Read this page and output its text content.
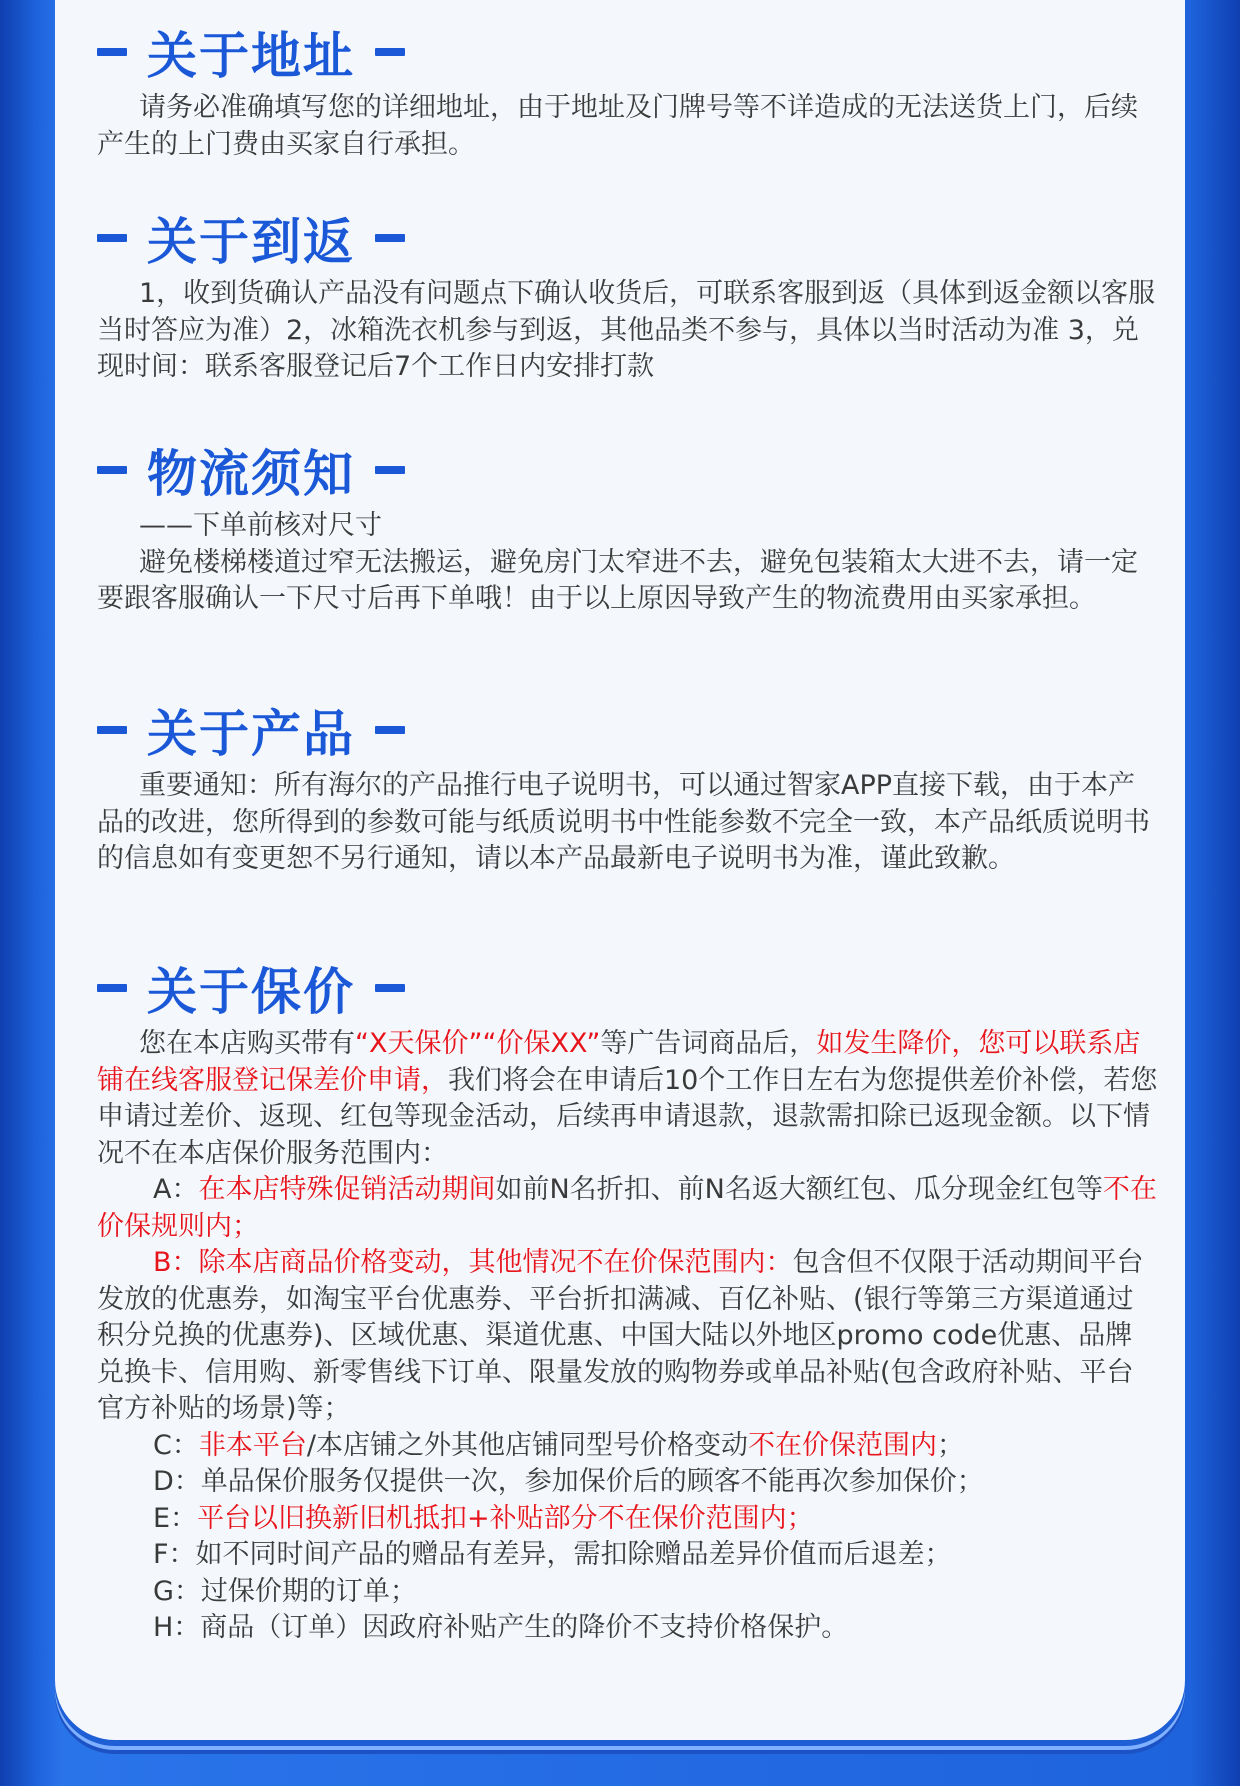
关于地址

请务必准确填写您的详细地址，由于地址及门牌号等不详造成的无法送货上门，后续产生的上门费由买家自行承担。

关于到返

1，收到货确认产品没有问题点下确认收货后，可联系客服到返（具体到返金额以客服当时答应为准）2，冰箱洗衣机参与到返，其他品类不参与，具体以当时活动为准 3，兑现时间：联系客服登记后7个工作日内安排打款

物流须知

——下单前核对尺寸

避免楼梯楼道过窄无法搬运，避免房门太窄进不去，避免包装箱太大进不去，请一定要跟客服确认一下尺寸后再下单哦！由于以上原因导致产生的物流费用由买家承担。

关于产品

重要通知：所有海尔的产品推行电子说明书，可以通过智家APP直接下载，由于本产品的改进，您所得到的参数可能与纸质说明书中性能参数不完全一致，本产品纸质说明书的信息如有变更恕不另行通知，请以本产品最新电子说明书为准，谨此致歉。

关于保价

您在本店购买带有“X天保价”“价保XX”等广告词商品后，如发生降价，您可以联系店铺在线客服登记保差价申请，我们将会在申请后10个工作日左右为您提供差价补偿，若您申请过差价、返现、红包等现金活动，后续再申请退款，退款需扣除已返现金额。以下情况不在本店保价服务范围内：

A：在本店特殊促销活动期间如前N名折扣、前N名返大额红包、瓜分现金红包等不在价保规则内；

B：除本店商品价格变动，其他情况不在价保范围内：包含但不仅限于活动期间平台发放的优惠券，如淘宝平台优惠券、平台折扣满减、百亿补贴、(银行等第三方渠道通过积分兑换的优惠券)、区域优惠、渠道优惠、中国大陆以外地区promo code优惠、品牌兑换卡、信用购、新零售线下订单、限量发放的购物券或单品补贴(包含政府补贴、平台官方补贴的场景)等；

C：非本平台/本店铺之外其他店铺同型号价格变动不在价保范围内；

D：单品保价服务仅提供一次，参加保价后的顾客不能再次参加保价；

E：平台以旧换新旧机抵扣+补贴部分不在保价范围内；

F：如不同时间产品的赠品有差异，需扣除赠品差异价值而后退差；

G：过保价期的订单；

H：商品（订单）因政府补贴产生的降价不支持价格保护。
